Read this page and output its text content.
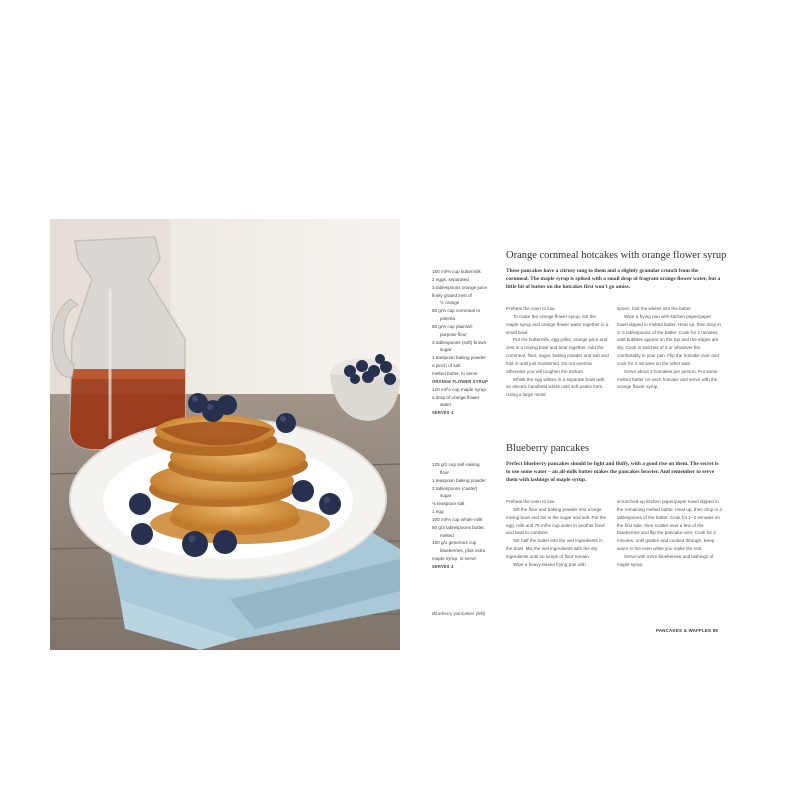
Orange cornmeal hotcakes with orange flower syrup
These pancakes have a citrusy tang to them and a slightly granular crunch from the cornmeal. The maple syrup is spiked with a small drop of fragrant orange flower water, but a little bit of butter on the hotcakes first won't go amiss.
150 ml/⅔ cup buttermilk
2 eggs, separated
3 tablespoons orange juice
finely grated zest of
½ orange
50 g/⅓ cup cornmeal or
polenta
50 g/⅓ cup plain/all-
purpose flour
3 tablespoons (soft) brown
sugar
1 teaspoon baking powder
a pinch of salt
melted butter, to serve
ORANGE FLOWER SYRUP
120 ml/½ cup maple syrup
a drop of orange flower
water
SERVES 4

Preheat the oven to low.

To make the orange flower syrup, stir the maple syrup and orange flower water together in a small bowl.

Put the buttermilk, egg yolks, orange juice and zest in a mixing bowl and beat together. Add the cornmeal, flour, sugar, baking powder and salt and fold in until just moistened. Do not overmix otherwise you will toughen the texture.

Whisk the egg whites in a separate bowl with an electric handheld whisk until soft peaks form. Using a large metal

spoon, fold the whites into the batter.

Wipe a frying pan with kitchen paper/paper towel dipped in melted butter. Heat up, then drop in 2–3 tablespoons of the batter. Cook for 2 minutes, until bubbles appear on the top and the edges are dry. Cook in batches of 3 or whatever fits comfortably in your pan. Flip the hotcake over and cook for 2 minutes on the other side.

Serve about 3 hotcakes per person. Put some melted butter on each hotcake and serve with the orange flower syrup.

Blueberry pancakes
Perfect blueberry pancakes should be light and fluffy, with a good rise on them. The secret is to use some water – an all-milk batter makes the pancakes heavier. And remember to serve them with lashings of maple syrup.
125 g/1 cup self-raising
flour
1 teaspoon baking powder
2 tablespoons (caster)
sugar
⅛ teaspoon salt
1 egg
100 ml/⅓ cup whole milk
50 g/3 tablespoons butter,
melted
150 g/1 generous cup
blueberries, plus extra
maple syrup, to serve
SERVES 4

Preheat the oven to low.

Sift the flour and baking powder into a large mixing bowl and stir in the sugar and salt. Put the egg, milk and 75 ml/⅓ cup water in another bowl and beat to combine.

Stir half the butter into the wet ingredients in the bowl. Mix the wet ingredients with the dry ingredients until no lumps of flour remain.

Wipe a heavy-based frying pan with

scrunched-up kitchen paper/paper towel dipped in the remaining melted butter. Heat up, then drop in 4 tablespoons of the batter. Cook for 1–2 minutes on the first side, then scatter over a few of the blueberries and flip the pancake over. Cook for 2 minutes, until golden and cooked through. Keep warm in the oven while you make the rest.

Serve with more blueberries and lashings of maple syrup.

Blueberry pancakes (left)
PANCAKES & WAFFLES 89
